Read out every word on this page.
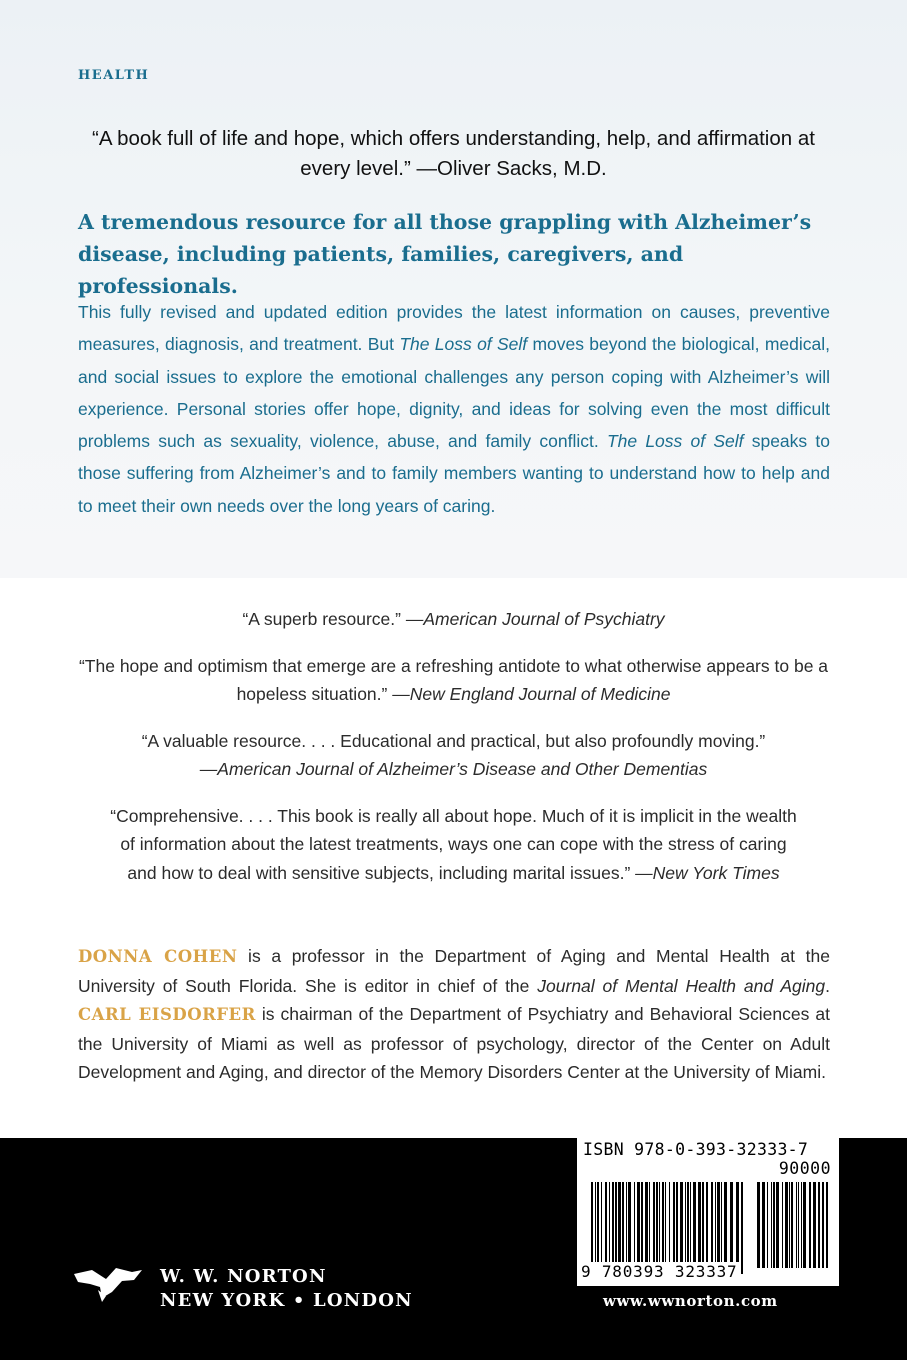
HEALTH
“A book full of life and hope, which offers understanding, help, and affirmation at every level.” —Oliver Sacks, M.D.
A tremendous resource for all those grappling with Alzheimer’s disease, including patients, families, caregivers, and professionals.
This fully revised and updated edition provides the latest information on causes, preventive measures, diagnosis, and treatment. But The Loss of Self moves beyond the biological, medical, and social issues to explore the emotional challenges any person coping with Alzheimer’s will experience. Personal stories offer hope, dignity, and ideas for solving even the most difficult problems such as sexuality, violence, abuse, and family conflict. The Loss of Self speaks to those suffering from Alzheimer’s and to family members wanting to understand how to help and to meet their own needs over the long years of caring.

“A superb resource.” —American Journal of Psychiatry

“The hope and optimism that emerge are a refreshing antidote to what otherwise appears to be a hopeless situation.” —New England Journal of Medicine

“A valuable resource. . . . Educational and practical, but also profoundly moving.”
—American Journal of Alzheimer’s Disease and Other Dementias

“Comprehensive. . . . This book is really all about hope. Much of it is implicit in the wealth of information about the latest treatments, ways one can cope with the stress of caring and how to deal with sensitive subjects, including marital issues.” —New York Times

DONNA COHEN is a professor in the Department of Aging and Mental Health at the University of South Florida. She is editor in chief of the Journal of Mental Health and Aging. CARL EISDORFER is chairman of the Department of Psychiatry and Behavioral Sciences at the University of Miami as well as professor of psychology, director of the Center on Adult Development and Aging, and director of the Memory Disorders Center at the University of Miami.
W. W. NORTON
NEW YORK • LONDON
ISBN 978-0-393-32333-7
90000
9 780393 323337
www.wwnorton.com
